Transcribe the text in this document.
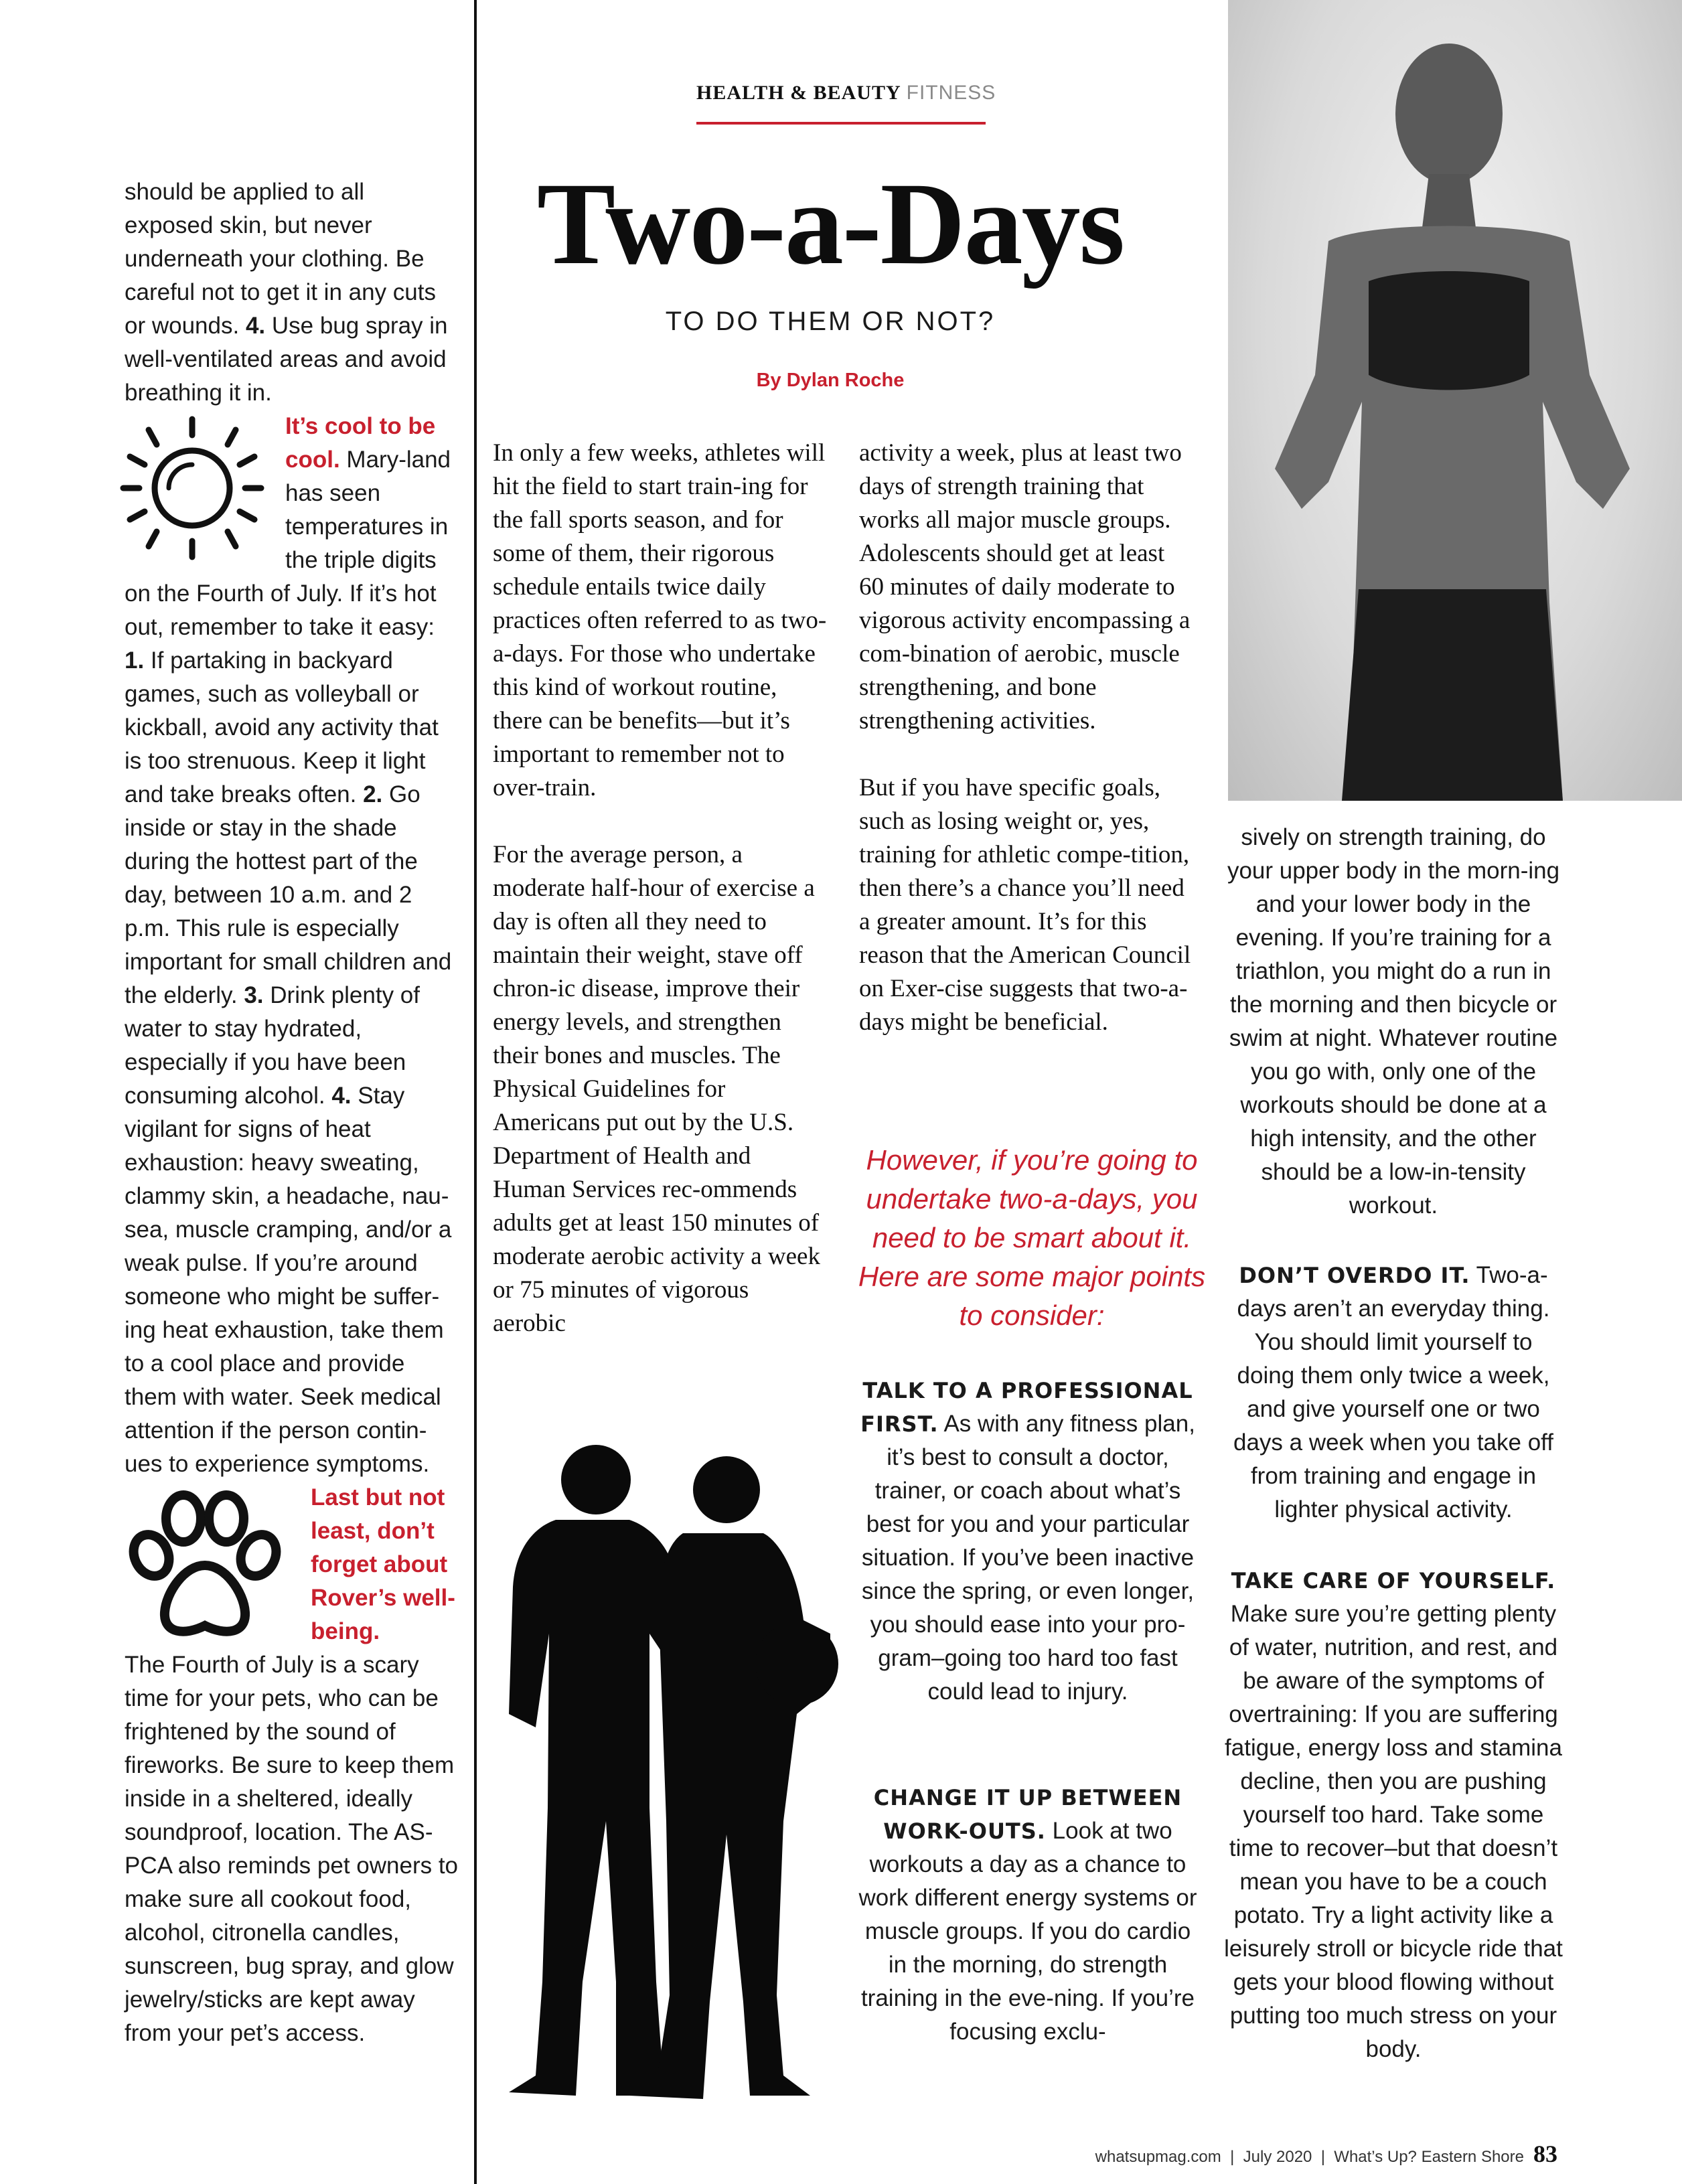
should be applied to all exposed skin, but never underneath your clothing. Be careful not to get it in any cuts or wounds. 4. Use bug spray in well-ventilated areas and avoid breathing it in.

It’s cool to be cool. Mary-land has seen temperatures in the triple digits

on the Fourth of July. If it’s hot out, remember to take it easy: 1. If partaking in backyard games, such as volleyball or kickball, avoid any activity that is too strenuous. Keep it light and take breaks often. 2. Go inside or stay in the shade during the hottest part of the day, between 10 a.m. and 2 p.m. This rule is especially important for small children and the elderly. 3. Drink plenty of water to stay hydrated, especially if you have been consuming alcohol. 4. Stay vigilant for signs of heat exhaustion: heavy sweating, clammy skin, a headache, nau-sea, muscle cramping, and/or a weak pulse. If you’re around someone who might be suffer-ing heat exhaustion, take them to a cool place and provide them with water. Seek medical attention if the person contin-ues to experience symptoms.

Last but not least, don’t forget about Rover’s well-being.

The Fourth of July is a scary time for your pets, who can be frightened by the sound of fireworks. Be sure to keep them inside in a sheltered, ideally soundproof, location. The AS-PCA also reminds pet owners to make sure all cookout food, alcohol, citronella candles, sunscreen, bug spray, and glow jewelry/sticks are kept away from your pet’s access.

HEALTH & BEAUTY FITNESS
Two-a-Days
TO DO THEM OR NOT?
By Dylan Roche

In only a few weeks, athletes will hit the field to start train-ing for the fall sports season, and for some of them, their rigorous schedule entails twice daily practices often referred to as two-a-days. For those who undertake this kind of workout routine, there can be benefits—but it’s important to remember not to over-train.

For the average person, a moderate half-hour of exercise a day is often all they need to maintain their weight, stave off chron-ic disease, improve their energy levels, and strengthen their bones and muscles. The Physical Guidelines for Americans put out by the U.S. Department of Health and Human Services rec-ommends adults get at least 150 minutes of moderate aerobic activity a week or 75 minutes of vigorous aerobic

activity a week, plus at least two days of strength training that works all major muscle groups. Adolescents should get at least 60 minutes of daily moderate to vigorous activity encompassing a com-bination of aerobic, muscle strengthening, and bone strengthening activities.

But if you have specific goals, such as losing weight or, yes, training for athletic compe-tition, then there’s a chance you’ll need a greater amount. It’s for this reason that the American Council on Exer-cise suggests that two-a-days might be beneficial.

However, if you’re going to undertake two-a-days, you need to be smart about it. Here are some major points to consider:

TALK TO A PROFESSIONAL FIRST. As with any fitness plan, it’s best to consult a doctor, trainer, or coach about what’s best for you and your particular situation. If you’ve been inactive since the spring, or even longer, you should ease into your pro-gram–going too hard too fast could lead to injury.

CHANGE IT UP BETWEEN WORK-OUTS. Look at two workouts a day as a chance to work different energy systems or muscle groups. If you do cardio in the morning, do strength training in the eve-ning. If you’re focusing exclu-

sively on strength training, do your upper body in the morn-ing and your lower body in the evening. If you’re training for a triathlon, you might do a run in the morning and then bicycle or swim at night. Whatever routine you go with, only one of the workouts should be done at a high intensity, and the other should be a low-in-tensity workout.

DON’T OVERDO IT. Two-a-days aren’t an everyday thing. You should limit yourself to doing them only twice a week, and give yourself one or two days a week when you take off from training and engage in lighter physical activity.

TAKE CARE OF YOURSELF. Make sure you’re getting plenty of water, nutrition, and rest, and be aware of the symptoms of overtraining: If you are suffering fatigue, energy loss and stamina decline, then you are pushing yourself too hard. Take some time to recover–but that doesn’t mean you have to be a couch potato. Try a light activity like a leisurely stroll or bicycle ride that gets your blood flowing without putting too much stress on your body.

whatsupmag.com  |  July 2020  |  What’s Up? Eastern Shore 83
